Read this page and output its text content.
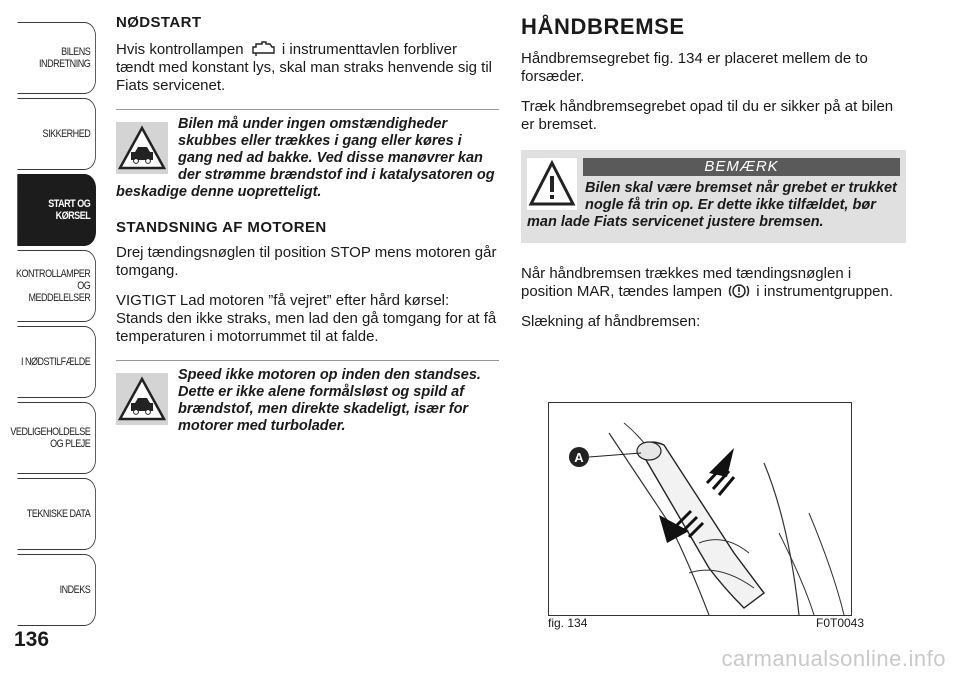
BILENS INDRETNING
SIKKERHED
START OG KØRSEL
KONTROLLAMPER
OG MEDDELELSER
I NØDSTILFÆLDE
VEDLIGEHOLDELSE
OG PLEJE
TEKNISKE DATA
INDEKS
136
NØDSTART

Hvis kontrollampen	i instrumenttavlen forbliver tændt med konstant lys, skal man straks henvende sig til Fiats servicenet.

Bilen må under ingen omstændigheder skubbes eller trækkes i gang eller køres i gang ned ad bakke. Ved disse manøvrer kan der strømme brændstof ind i katalysatoren og beskadige denne uopretteligt.
STANDSNING AF MOTOREN

Drej tændingsnøglen til position STOP mens motoren går tomgang.

VIGTIGT Lad motoren ”få vejret” efter hård kørsel: Stands den ikke straks, men lad den gå tomgang for at få temperaturen i motorrummet til at falde.

Speed ikke motoren op inden den standses. Dette er ikke alene formålsløst og spild af brændstof, men direkte skadeligt, især for motorer med turbolader.
HÅNDBREMSE

Håndbremsegrebet fig. 134 er placeret mellem de to forsæder.

Træk håndbremsegrebet opad til du er sikker på at bilen er bremset.

BEMÆRK
Bilen skal være bremset når grebet er trukket nogle få trin op. Er dette ikke tilfældet, bør man lade Fiats servicenet justere bremsen.

Når håndbremsen trækkes med tændingsnøglen i position MAR, tændes lampen i instrumentgruppen.

Slækning af håndbremsen:

A
fig. 134	F0T0043
carmanualsonline.info
